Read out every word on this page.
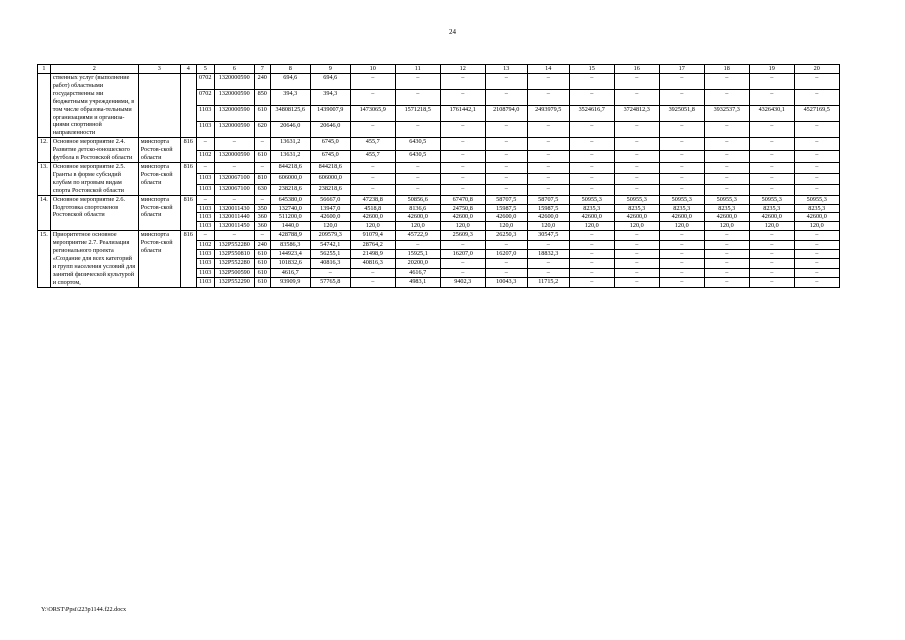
24
1	2	3	4	5	6	7	8	9	10	11	12	13	14	15	16	17	18	19	20
	ственных услуг (выполнение работ) областными государственны ми бюджетными учреждениями, в том числе образова-тельными организациями и организа-циями спортивной направленности			0702	1320000590	240	694,6	694,6	–	–	–	–	–	–	–	–	–	–	–
				0702	1320000590	850	394,3	394,3	–	–	–	–	–	–	–	–	–	–	–
				1103	1320000590	610	34808125,6	1439007,9	1473065,9	1571218,5	1761442,1	2108794,0	2493979,5	3524616,7	3724812,3	3925051,8	3932537,3	4326430,1	4527169,5
				1103	1320000590	620	20646,0	20646,0	–	–	–	–	–	–	–	–	–	–	–
12.	Основное мероприятие 2.4. Развитие детско-юношеского футбола в Ростовской области	минспорта Ростов-ской области	816	–	–	–	13631,2	6745,0	455,7	6430,5	–	–	–	–	–	–	–	–	–
				1102	1320000590	610	13631,2	6745,0	455,7	6430,5	–	–	–	–	–	–	–	–	–
13.	Основное мероприятие 2.5. Гранты в форме субсидий клубам по игровым видам спорта Ростовской области	минспорта Ростов-ской области	816	–	–	–	844218,6	844218,6	–	–	–	–	–	–	–	–	–	–	–
				1103	1320067100	810	606000,0	606000,0	–	–	–	–	–	–	–	–	–	–	–
				1103	1320067100	630	238218,6	238218,6	–	–	–	–	–	–	–	–	–	–	–
14.	Основное мероприятие 2.6. Подготовка спортсменов Ростовской области	минспорта Ростов-ской области	816	–	–	–	645380,0	56667,0	47238,8	50856,6	67470,8	58707,5	58707,5	50955,3	50955,3	50955,3	50955,3	50955,3	50955,3
				1103	1320011430	350	132740,0	13947,0	4518,8	8136,6	24750,8	15987,5	15987,5	8235,3	8235,3	8235,3	8235,3	8235,3	8235,3
				1103	1320011440	360	511200,0	42600,0	42600,0	42600,0	42600,0	42600,0	42600,0	42600,0	42600,0	42600,0	42600,0	42600,0	42600,0
				1103	1320011450	360	1440,0	120,0	120,0	120,0	120,0	120,0	120,0	120,0	120,0	120,0	120,0	120,0	120,0
15.	Приоритетное основное мероприятие 2.7. Реализация регионального проекта «Создание для всех категорий и групп населения условий для занятий физической культурой и спортом,	минспорта Ростов-ской области	816	–	–	–	428788,9	209579,3	91079,4	45722,9	25609,3	26250,3	30547,5	–	–	–	–	–	–
				1102	132P552280	240	83586,3	54742,1	28764,2	–	–	–	–	–	–	–	–	–	–
				1103	132P550810	610	144923,4	56255,1	21498,9	15925,1	16207,0	16207,0	18832,3	–	–	–	–	–	–
				1103	132P552280	610	101832,6	40816,3	40816,3	20200,0	–	–	–	–	–	–	–	–	–
				1103	132P500590	610	4616,7	–	–	4616,7	–	–	–	–	–	–	–	–	–
				1103	132P552290	610	93909,9	57765,8	–	4983,1	9402,3	10043,3	11715,2	–	–	–	–	–	–
Y:\ORST\Ppsi\223p1144.f22.docx
